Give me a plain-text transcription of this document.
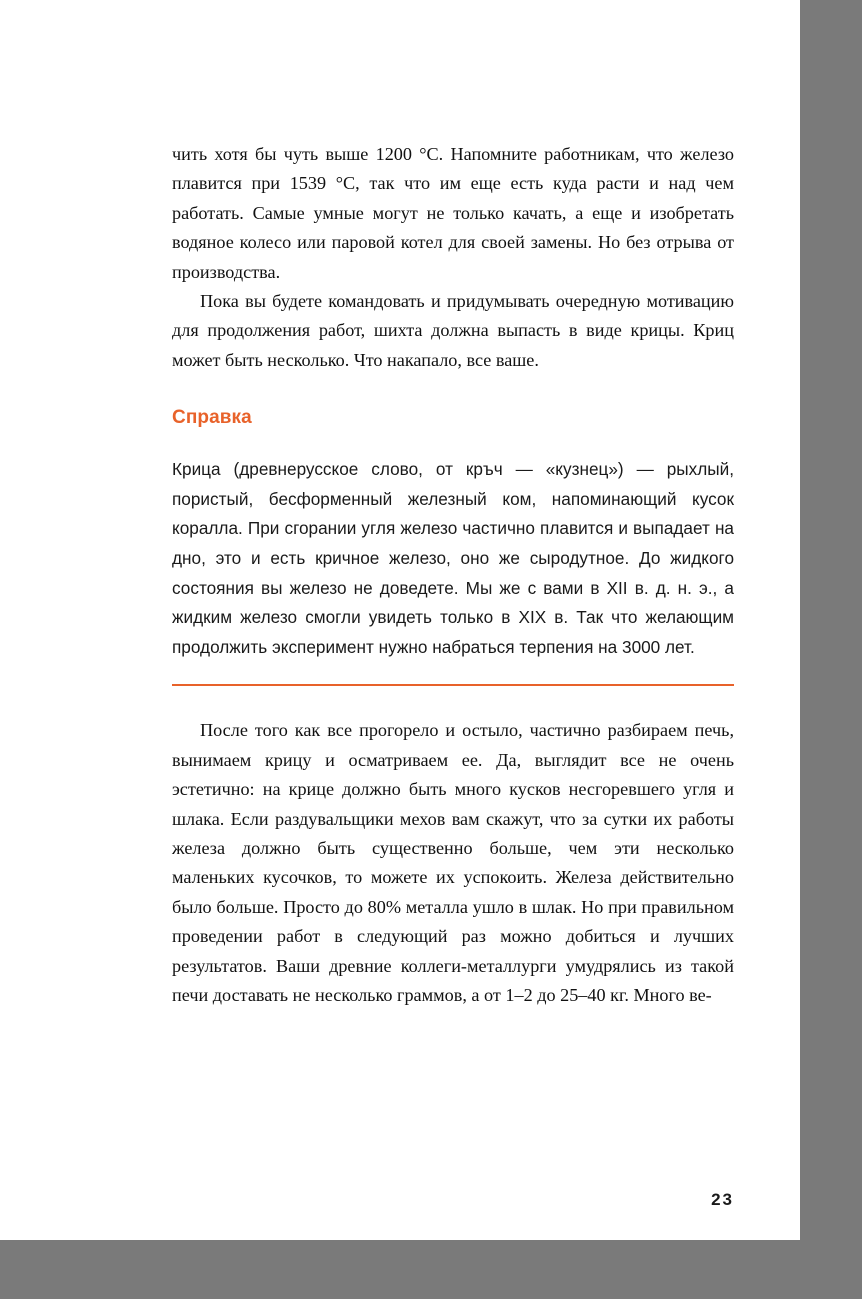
чить хотя бы чуть выше 1200 °C. Напомните работникам, что железо плавится при 1539 °C, так что им еще есть куда расти и над чем работать. Самые умные могут не только качать, а еще и изобретать водяное колесо или паровой котел для своей замены. Но без отрыва от производства.

Пока вы будете командовать и придумывать очередную мотивацию для продолжения работ, шихта должна выпасть в виде крицы. Криц может быть несколько. Что накапало, все ваше.

Справка

Крица (древнерусское слово, от кръч — «кузнец») — рыхлый, пористый, бесформенный железный ком, напоминающий кусок коралла. При сгорании угля железо частично плавится и выпадает на дно, это и есть кричное железо, оно же сыродутное. До жидкого состояния вы железо не доведете. Мы же с вами в XII в. д. н. э., а жидким железо смогли увидеть только в XIX в. Так что желающим продолжить эксперимент нужно набраться терпения на 3000 лет.

После того как все прогорело и остыло, частично разбираем печь, вынимаем крицу и осматриваем ее. Да, выглядит все не очень эстетично: на крице должно быть много кусков несгоревшего угля и шлака. Если раздувальщики мехов вам скажут, что за сутки их работы железа должно быть существенно больше, чем эти несколько маленьких кусочков, то можете их успокоить. Железа действительно было больше. Просто до 80% металла ушло в шлак. Но при правильном проведении работ в следующий раз можно добиться и лучших результатов. Ваши древние коллеги-металлурги умудрялись из такой печи доставать не несколько граммов, а от 1–2 до 25–40 кг. Много ве-

23
